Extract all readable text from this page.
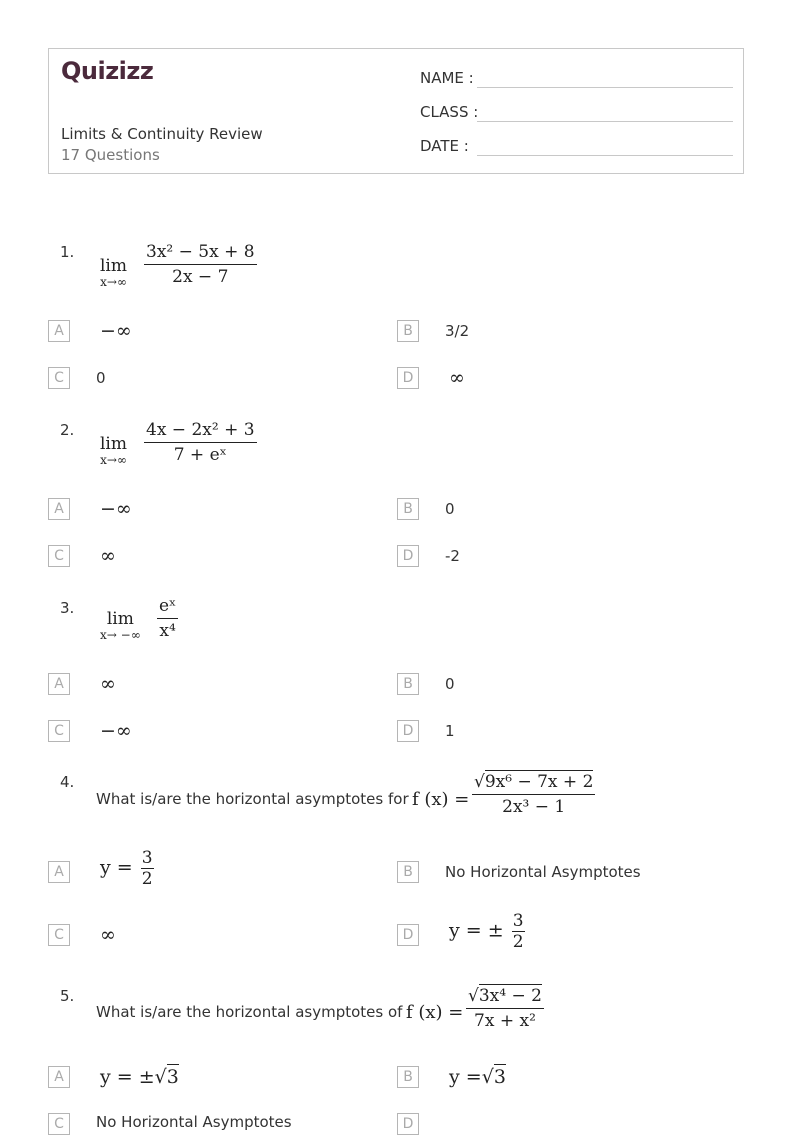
Quizizz
Limits & Continuity Review
17 Questions
NAME :
CLASS :
DATE :
1.
lim
$x\to\infty \frac{\text{3x² − 5x + 8}}{2x - 7}$
A	−∞	B	3/2
C	0	D ∞
2.
lim
$x\to\infty \frac{\text{4x − 2x² + 3}}{\text{7 + eˣ}}$
A	−∞	B	0
C	∞	D	-2
3.
lim
x→ −∞ $\frac{\text{eˣ}}{\text{x⁴}}$
A	∞	B	0
C	−∞	D	1
4.
What is/are the horizontal asymptotes for f $(x) = \frac{\text{√9x⁶ − 7x + 2}}{\text{2x³ − 1}}$
A	$y = \frac{3}{2}$	B	No Horizontal Asymptotes
C	∞	D y = ± $\frac{3}{2}$
5.
What is/are the horizontal asymptotes of f $(x) = \frac{\text{√3x⁴ − 2}}{\text{7x + x²}}$
A	y = ±√3	B	y =√3
C	No Horizontal Asymptotes	D
